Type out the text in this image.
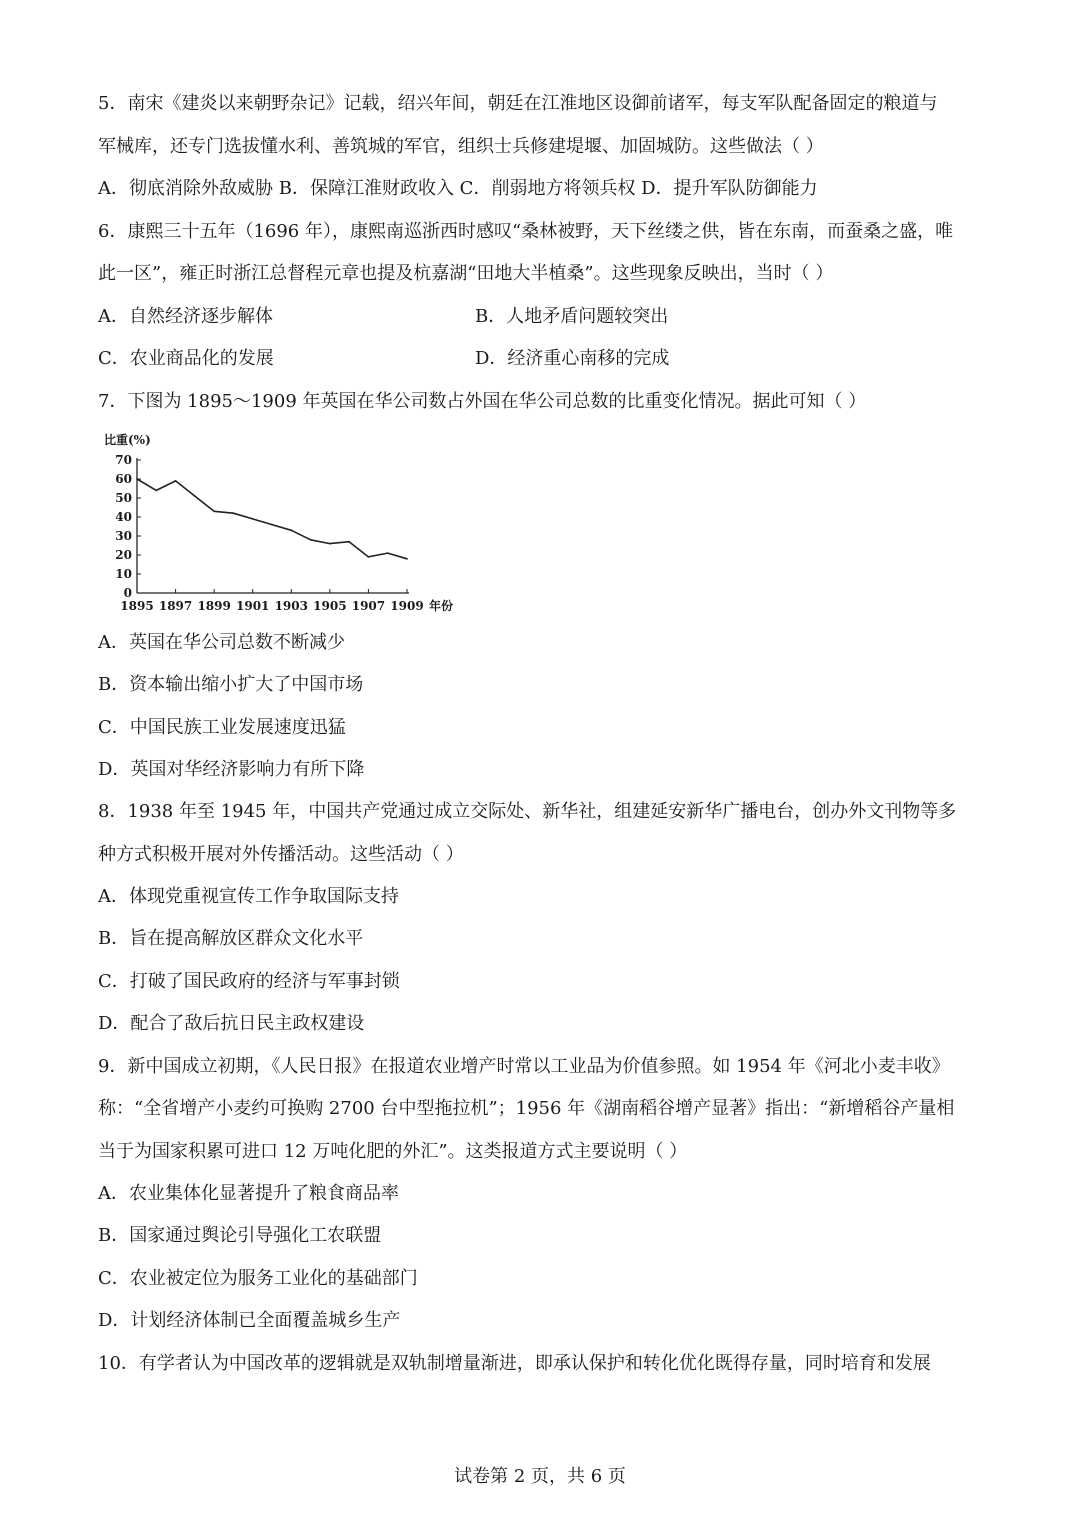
5．南宋《建炎以来朝野杂记》记载，绍兴年间，朝廷在江淮地区设御前诸军，每支军队配备固定的粮道与
军械库，还专门选拔懂水利、善筑城的军官，组织士兵修建堤堰、加固城防。这些做法（ ）
A．彻底消除外敌威胁 B．保障江淮财政收入 C．削弱地方将领兵权 D．提升军队防御能力
6．康熙三十五年（1696 年），康熙南巡浙西时感叹“桑林被野，天下丝缕之供，皆在东南，而蚕桑之盛，唯
此一区”，雍正时浙江总督程元章也提及杭嘉湖“田地大半植桑”。这些现象反映出，当时（ ）
A．自然经济逐步解体	B．人地矛盾问题较突出
C．农业商品化的发展	D．经济重心南移的完成
7．下图为 1895～1909 年英国在华公司数占外国在华公司总数的比重变化情况。据此可知（ ）
0
10
20
30
40
50
60
70
1895 1897 1899 1901 1903 1905 1907 1909
比重(%)
年份
A．英国在华公司总数不断减少
B．资本输出缩小扩大了中国市场
C．中国民族工业发展速度迅猛
D．英国对华经济影响力有所下降
8．1938 年至 1945 年，中国共产党通过成立交际处、新华社，组建延安新华广播电台，创办外文刊物等多
种方式积极开展对外传播活动。这些活动（ ）
A．体现党重视宣传工作争取国际支持
B．旨在提高解放区群众文化水平
C．打破了国民政府的经济与军事封锁
D．配合了敌后抗日民主政权建设
9．新中国成立初期，《人民日报》在报道农业增产时常以工业品为价值参照。如 1954 年《河北小麦丰收》
称：“全省增产小麦约可换购 2700 台中型拖拉机”；1956 年《湖南稻谷增产显著》指出：“新增稻谷产量相
当于为国家积累可进口 12 万吨化肥的外汇”。这类报道方式主要说明（ ）
A．农业集体化显著提升了粮食商品率
B．国家通过舆论引导强化工农联盟
C．农业被定位为服务工业化的基础部门
D．计划经济体制已全面覆盖城乡生产
10．有学者认为中国改革的逻辑就是双轨制增量渐进，即承认保护和转化优化既得存量，同时培育和发展
试卷第 2 页，共 6 页
